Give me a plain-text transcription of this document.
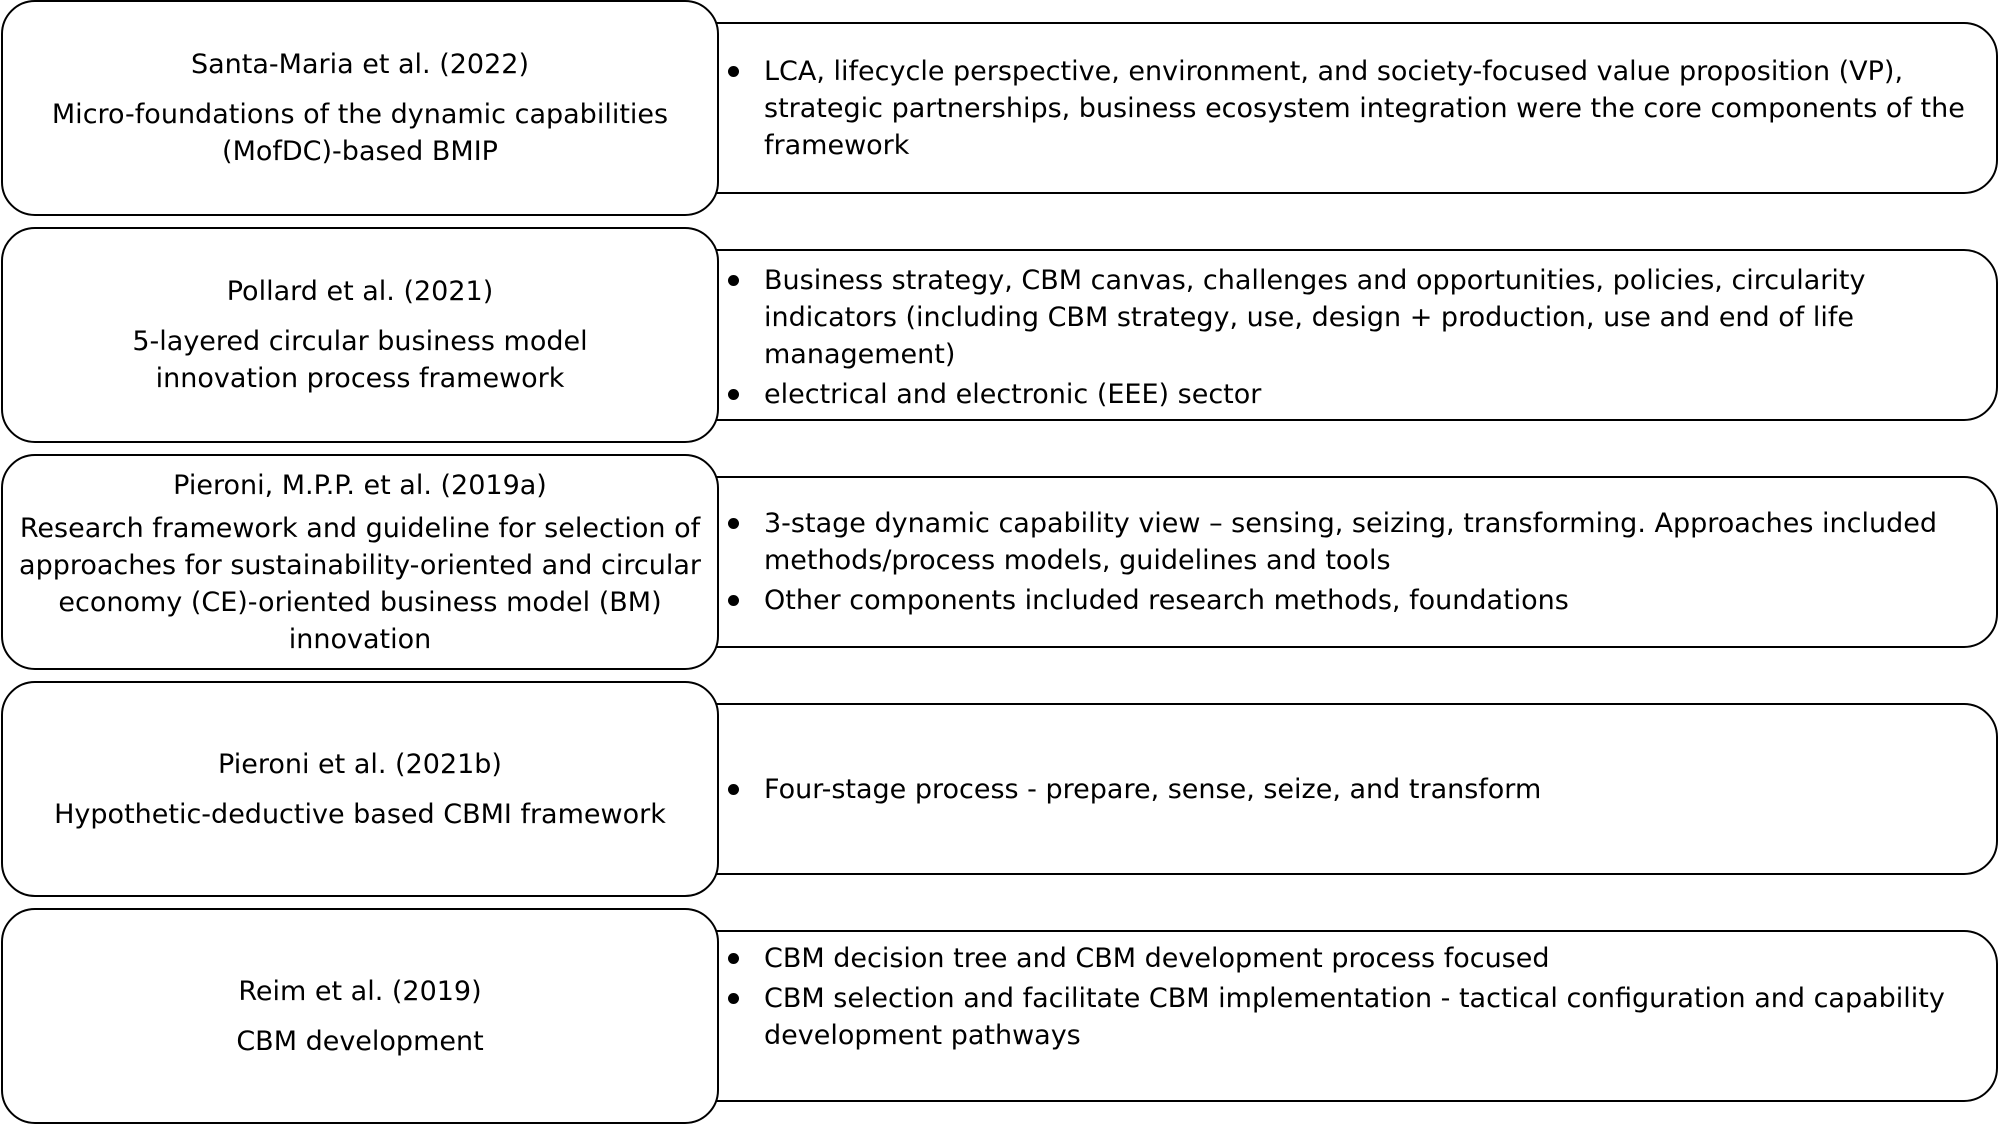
LCA, lifecycle perspective, environment, and society-focused value proposition (VP), strategic partnerships, business ecosystem integration were the core components of the framework

Santa-Maria et al. (2022)

Micro-foundations of the dynamic capabilities (MofDC)-based BMIP

Business strategy, CBM canvas, challenges and opportunities, policies, circularity indicators (including CBM strategy, use, design + production, use and end of life management)
electrical and electronic (EEE) sector

Pollard et al. (2021)

5-layered circular business model innovation process framework

3-stage dynamic capability view – sensing, seizing, transforming. Approaches included methods/process models, guidelines and tools
Other components included research methods, foundations

Pieroni, M.P.P. et al. (2019a)

Research framework and guideline for selection of approaches for sustainability-oriented and circular economy (CE)-oriented business model (BM) innovation

Four-stage process - prepare, sense, seize, and transform

Pieroni et al. (2021b)

Hypothetic-deductive based CBMI framework

CBM decision tree and CBM development process focused
CBM selection and facilitate CBM implementation - tactical configuration and capability development pathways

Reim et al. (2019)

CBM development
